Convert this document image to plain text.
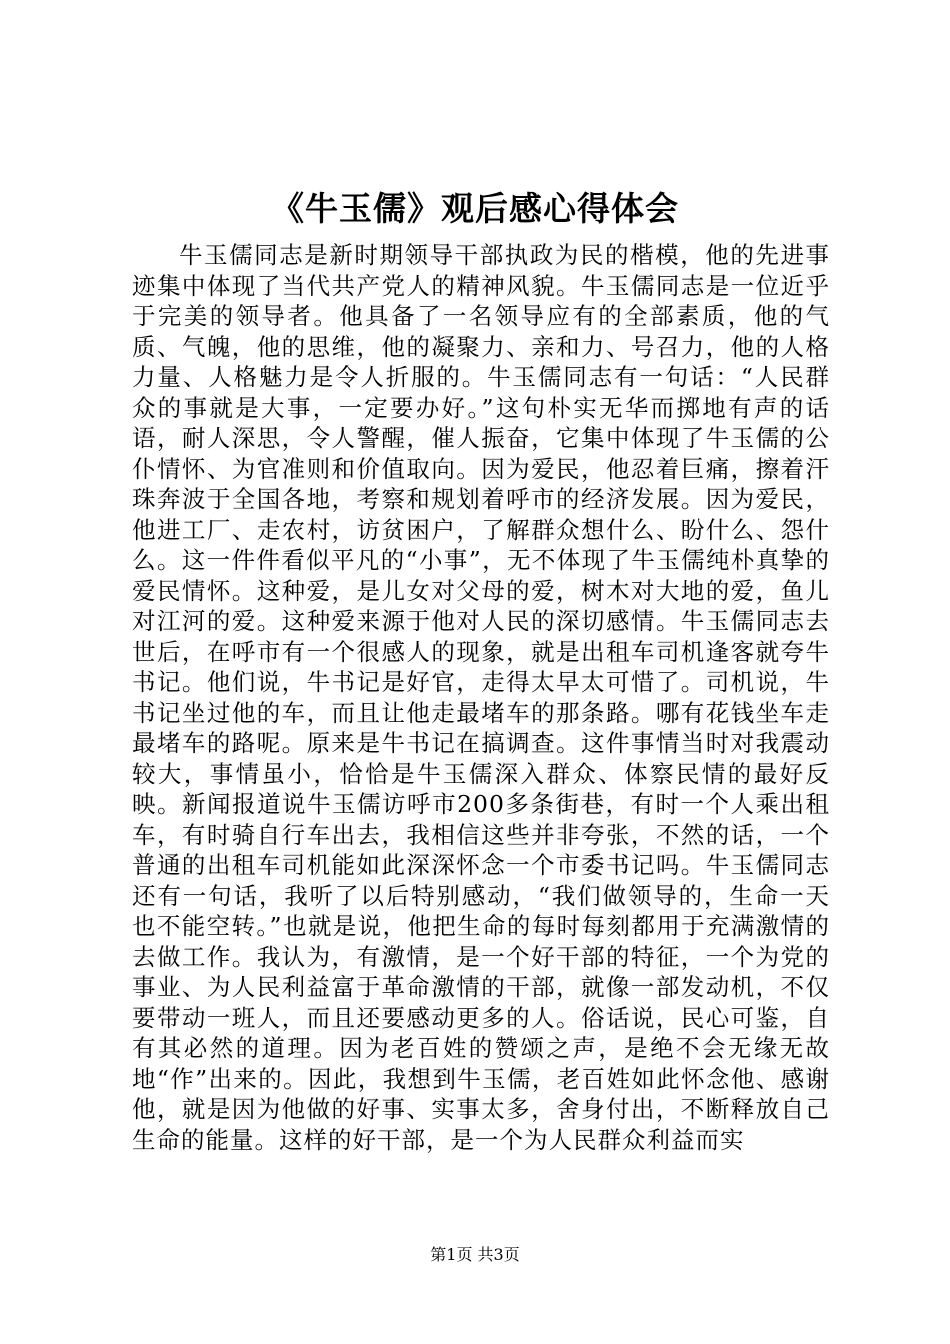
《牛玉儒》观后感心得体会

牛玉儒同志是新时期领导干部执政为民的楷模，他的先进事迹集中体现了当代共产党人的精神风貌。牛玉儒同志是一位近乎于完美的领导者。他具备了一名领导应有的全部素质，他的气质、气魄，他的思维，他的凝聚力、亲和力、号召力，他的人格力量、人格魅力是令人折服的。牛玉儒同志有一句话：“人民群众的事就是大事，一定要办好。”这句朴实无华而掷地有声的话语，耐人深思，令人警醒，催人振奋，它集中体现了牛玉儒的公仆情怀、为官准则和价值取向。因为爱民，他忍着巨痛，擦着汗珠奔波于全国各地，考察和规划着呼市的经济发展。因为爱民，他进工厂、走农村，访贫困户，了解群众想什么、盼什么、怨什么。这一件件看似平凡的“小事”，无不体现了牛玉儒纯朴真挚的爱民情怀。这种爱，是儿女对父母的爱，树木对大地的爱，鱼儿对江河的爱。这种爱来源于他对人民的深切感情。牛玉儒同志去世后，在呼市有一个很感人的现象，就是出租车司机逢客就夸牛书记。他们说，牛书记是好官，走得太早太可惜了。司机说，牛书记坐过他的车，而且让他走最堵车的那条路。哪有花钱坐车走最堵车的路呢。原来是牛书记在搞调查。这件事情当时对我震动较大，事情虽小，恰恰是牛玉儒深入群众、体察民情的最好反映。新闻报道说牛玉儒访呼市200多条街巷，有时一个人乘出租车，有时骑自行车出去，我相信这些并非夸张，不然的话，一个普通的出租车司机能如此深深怀念一个市委书记吗。牛玉儒同志还有一句话，我听了以后特别感动，“我们做领导的，生命一天也不能空转。”也就是说，他把生命的每时每刻都用于充满激情的去做工作。我认为，有激情，是一个好干部的特征，一个为党的事业、为人民利益富于革命激情的干部，就像一部发动机，不仅要带动一班人，而且还要感动更多的人。俗话说，民心可鉴，自有其必然的道理。因为老百姓的赞颂之声，是绝不会无缘无故地“作”出来的。因此，我想到牛玉儒，老百姓如此怀念他、感谢他，就是因为他做的好事、实事太多，舍身付出，不断释放自己生命的能量。这样的好干部，是一个为人民群众利益而实

第1页 共3页
